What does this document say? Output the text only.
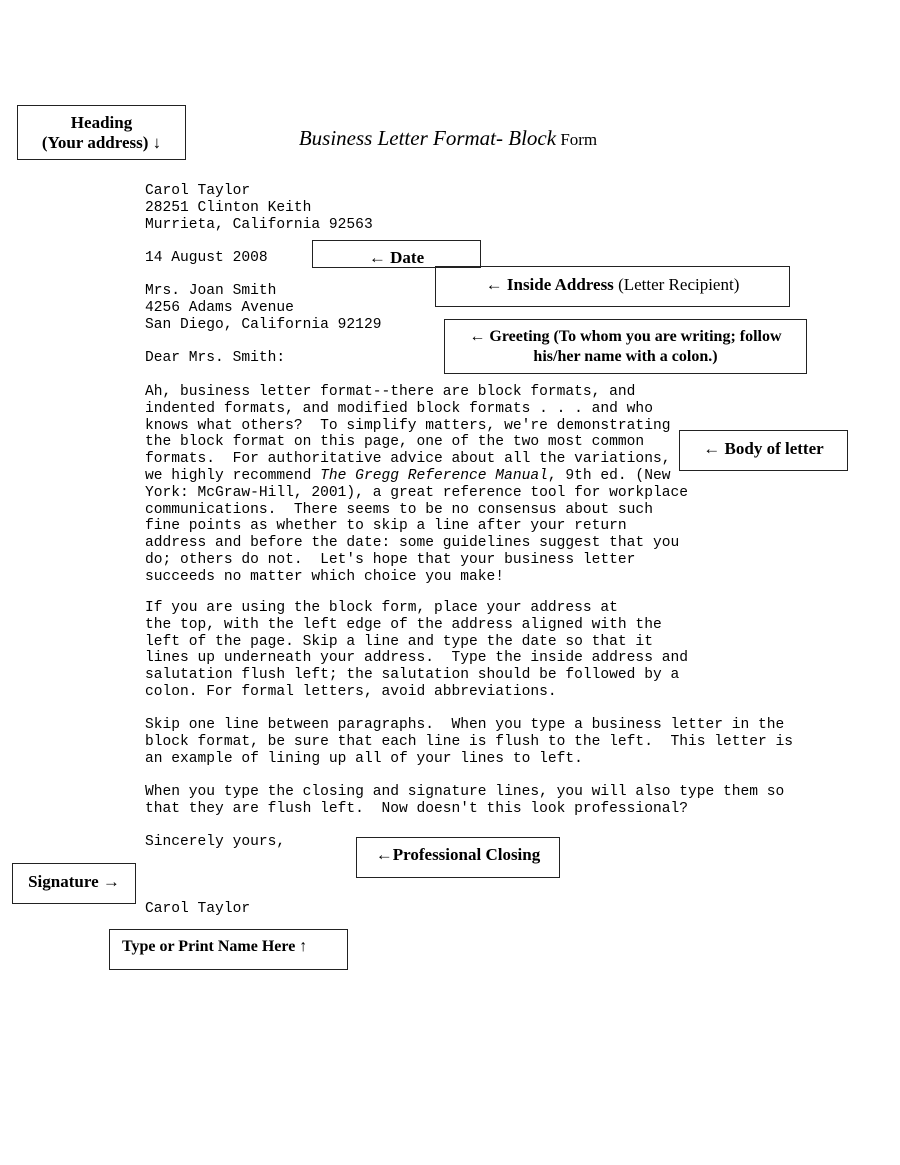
Business Letter Format- Block Form
Carol Taylor
28251 Clinton Keith
Murrieta, California 92563
14 August 2008
Mrs. Joan Smith
4256 Adams Avenue
San Diego, California 92129
Dear Mrs. Smith:
Ah, business letter format--there are block formats, and
indented formats, and modified block formats . . . and who
knows what others?  To simplify matters, we're demonstrating
the block format on this page, one of the two most common
formats.  For authoritative advice about all the variations,
we highly recommend The Gregg Reference Manual, 9th ed. (New
York: McGraw-Hill, 2001), a great reference tool for workplace
communications.  There seems to be no consensus about such
fine points as whether to skip a line after your return
address and before the date: some guidelines suggest that you
do; others do not.  Let's hope that your business letter
succeeds no matter which choice you make!
If you are using the block form, place your address at
the top, with the left edge of the address aligned with the
left of the page. Skip a line and type the date so that it
lines up underneath your address.  Type the inside address and
salutation flush left; the salutation should be followed by a
colon. For formal letters, avoid abbreviations.
Skip one line between paragraphs.  When you type a business letter in the
block format, be sure that each line is flush to the left.  This letter is
an example of lining up all of your lines to left.
When you type the closing and signature lines, you will also type them so
that they are flush left.  Now doesn't this look professional?
Sincerely yours,
Carol Taylor
Heading
(Your address) ↓
← Date
← Inside Address (Letter Recipient)
← Greeting (To whom you are writing; follow
his/her name with a colon.)
← Body of letter
←Professional Closing
Signature →
Type or Print Name Here ↑
